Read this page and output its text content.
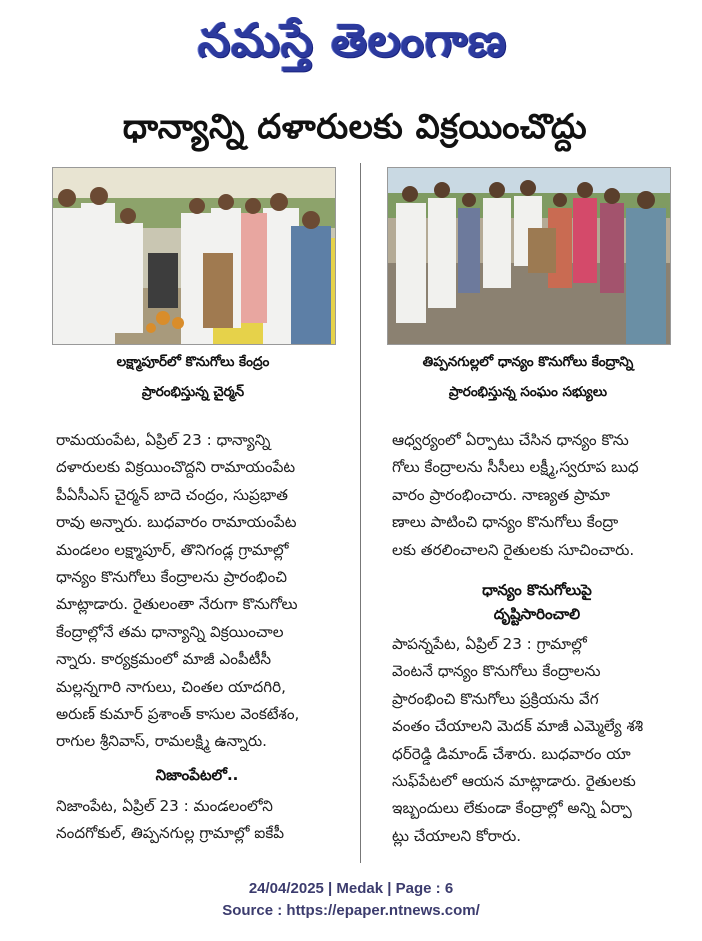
నమస్తే తెలంగాణ
ధాన్యాన్ని దళారులకు విక్రయించొద్దు
లక్ష్మాపూర్‌లో కొనుగోలు కేంద్రం
ప్రారంభిస్తున్న చైర్మన్
తిప్పనగుల్లలో ధాన్యం కొనుగోలు కేంద్రాన్ని
ప్రారంభిస్తున్న సంఘం సభ్యులు
రామయంపేట, ఏప్రిల్ 23 : ధాన్యాన్ని
దళారులకు విక్రయించొద్దని రామాయంపేట
పీఏసీఎస్ చైర్మన్ బాదె చంద్రం, సుప్రభాత
రావు అన్నారు. బుధవారం రామాయంపేట
మండలం లక్ష్మాపూర్, తొనిగండ్ల గ్రామాల్లో
ధాన్యం కొనుగోలు కేంద్రాలను ప్రారంభించి
మాట్లాడారు. రైతులంతా నేరుగా కొనుగోలు
కేంద్రాల్లోనే తమ ధాన్యాన్ని విక్రయించాల
న్నారు. కార్యక్రమంలో మాజీ ఎంపీటీసీ
మల్లన్నగారి నాగులు, చింతల యాదగిరి,
అరుణ్ కుమార్ ప్రశాంత్ కాసుల వెంకటేశం,
రాగుల శ్రీనివాస్, రామలక్ష్మి ఉన్నారు.
నిజాంపేటలో..
నిజాంపేట, ఏప్రిల్ 23 : మండలంలోని
నందగోకుల్, తిప్పనగుల్ల గ్రామాల్లో ఐకేపీ
ఆధ్వర్యంలో ఏర్పాటు చేసిన ధాన్యం కొను
గోలు కేంద్రాలను సీసీలు లక్ష్మీ,స్వరూప బుధ
వారం ప్రారంభించారు. నాణ్యత ప్రామా
ణాలు పాటించి ధాన్యం కొనుగోలు కేంద్రా
లకు తరలించాలని రైతులకు సూచించారు.
ధాన్యం కొనుగోలుపై
దృష్టిసారించాలి
పాపన్నపేట, ఏప్రిల్ 23 : గ్రామాల్లో
వెంటనే ధాన్యం కొనుగోలు కేంద్రాలను
ప్రారంభించి కొనుగోలు ప్రక్రియను వేగ
వంతం చేయాలని మెదక్ మాజీ ఎమ్మెల్యే శశి
ధర్‌రెడ్డి డిమాండ్ చేశారు. బుధవారం యా
సుఫ్‌పేటలో ఆయన మాట్లాడారు. రైతులకు
ఇబ్బందులు లేకుండా కేంద్రాల్లో అన్ని ఏర్పా
ట్లు చేయాలని కోరారు.
24/04/2025 | Medak | Page : 6
Source : https://epaper.ntnews.com/
